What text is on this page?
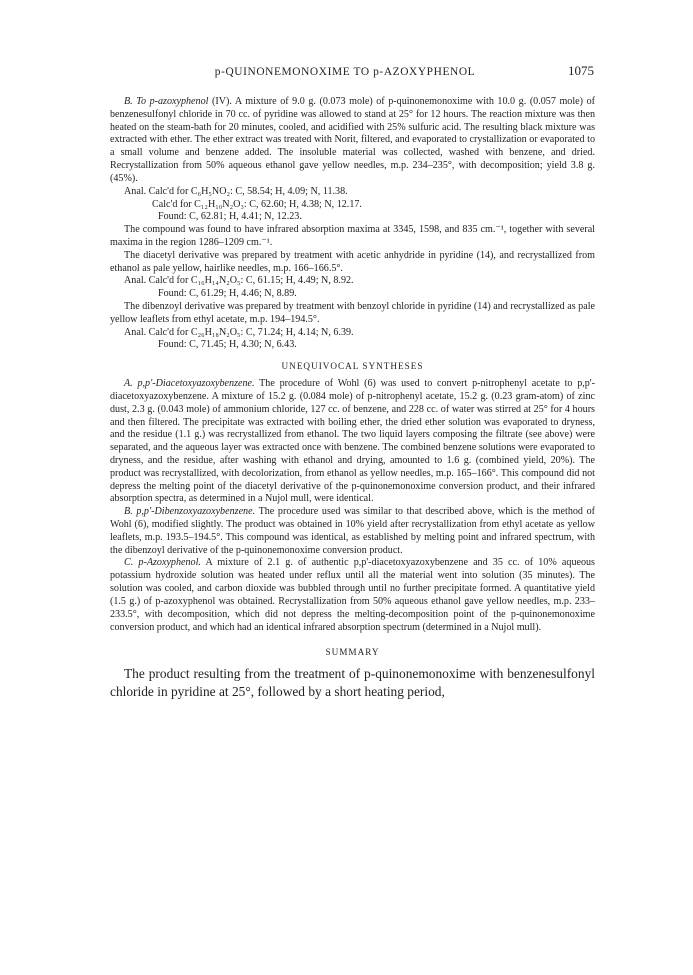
p-QUINONEMONOXIME TO p-AZOXYPHENOL	1075

B. To p-azoxyphenol (IV). A mixture of 9.0 g. (0.073 mole) of p-quinonemonoxime with 10.0 g. (0.057 mole) of benzenesulfonyl chloride in 70 cc. of pyridine was allowed to stand at 25° for 12 hours. The reaction mixture was then heated on the steam-bath for 20 minutes, cooled, and acidified with 25% sulfuric acid. The resulting black mixture was extracted with ether. The ether extract was treated with Norit, filtered, and evaporated to crystallization or evaporated to a small volume and benzene added. The insoluble material was collected, washed with benzene, and dried. Recrystallization from 50% aqueous ethanol gave yellow needles, m.p. 234–235°, with decomposition; yield 3.8 g. (45%).

Anal. Calc'd for C₆H₅NO₂: C, 58.54; H, 4.09; N, 11.38.

Calc'd for C₁₂H₁₀N₂O₃: C, 62.60; H, 4.38; N, 12.17.

Found: C, 62.81; H, 4.41; N, 12.23.

The compound was found to have infrared absorption maxima at 3345, 1598, and 835 cm.⁻¹, together with several maxima in the region 1286–1209 cm.⁻¹.

The diacetyl derivative was prepared by treatment with acetic anhydride in pyridine (14), and recrystallized from ethanol as pale yellow, hairlike needles, m.p. 166–166.5°.

Anal. Calc'd for C₁₆H₁₄N₂O₅: C, 61.15; H, 4.49; N, 8.92.

Found: C, 61.29; H, 4.46; N, 8.89.

The dibenzoyl derivative was prepared by treatment with benzoyl chloride in pyridine (14) and recrystallized as pale yellow leaflets from ethyl acetate, m.p. 194–194.5°.

Anal. Calc'd for C₂₆H₁₈N₂O₅: C, 71.24; H, 4.14; N, 6.39.

Found: C, 71.45; H, 4.30; N, 6.43.

UNEQUIVOCAL SYNTHESES

A. p,p'-Diacetoxyazoxybenzene. The procedure of Wohl (6) was used to convert p-nitrophenyl acetate to p,p'-diacetoxyazoxybenzene. A mixture of 15.2 g. (0.084 mole) of p-nitrophenyl acetate, 15.2 g. (0.23 gram-atom) of zinc dust, 2.3 g. (0.043 mole) of ammonium chloride, 127 cc. of benzene, and 228 cc. of water was stirred at 25° for 4 hours and then filtered. The precipitate was extracted with boiling ether, the dried ether solution was evaporated to dryness, and the residue (1.1 g.) was recrystallized from ethanol. The two liquid layers composing the filtrate (see above) were separated, and the aqueous layer was extracted once with benzene. The combined benzene solutions were evaporated to dryness, and the residue, after washing with ethanol and drying, amounted to 1.6 g. (combined yield, 20%). The product was recrystallized, with decolorization, from ethanol as yellow needles, m.p. 165–166°. This compound did not depress the melting point of the diacetyl derivative of the p-quinonemonoxime conversion product, and their infrared absorption spectra, as determined in a Nujol mull, were identical.

B. p,p'-Dibenzoxyazoxybenzene. The procedure used was similar to that described above, which is the method of Wohl (6), modified slightly. The product was obtained in 10% yield after recrystallization from ethyl acetate as yellow leaflets, m.p. 193.5–194.5°. This compound was identical, as established by melting point and infrared spectrum, with the dibenzoyl derivative of the p-quinonemonoxime conversion product.

C. p-Azoxyphenol. A mixture of 2.1 g. of authentic p,p'-diacetoxyazoxybenzene and 35 cc. of 10% aqueous potassium hydroxide solution was heated under reflux until all the material went into solution (35 minutes). The solution was cooled, and carbon dioxide was bubbled through until no further precipitate formed. A quantitative yield (1.5 g.) of p-azoxyphenol was obtained. Recrystallization from 50% aqueous ethanol gave yellow needles, m.p. 233–233.5°, with decomposition, which did not depress the melting-decomposition point of the p-quinonemonoxime conversion product, and which had an identical infrared absorption spectrum (determined in a Nujol mull).

SUMMARY

The product resulting from the treatment of p-quinonemonoxime with benzenesulfonyl chloride in pyridine at 25°, followed by a short heating period,
